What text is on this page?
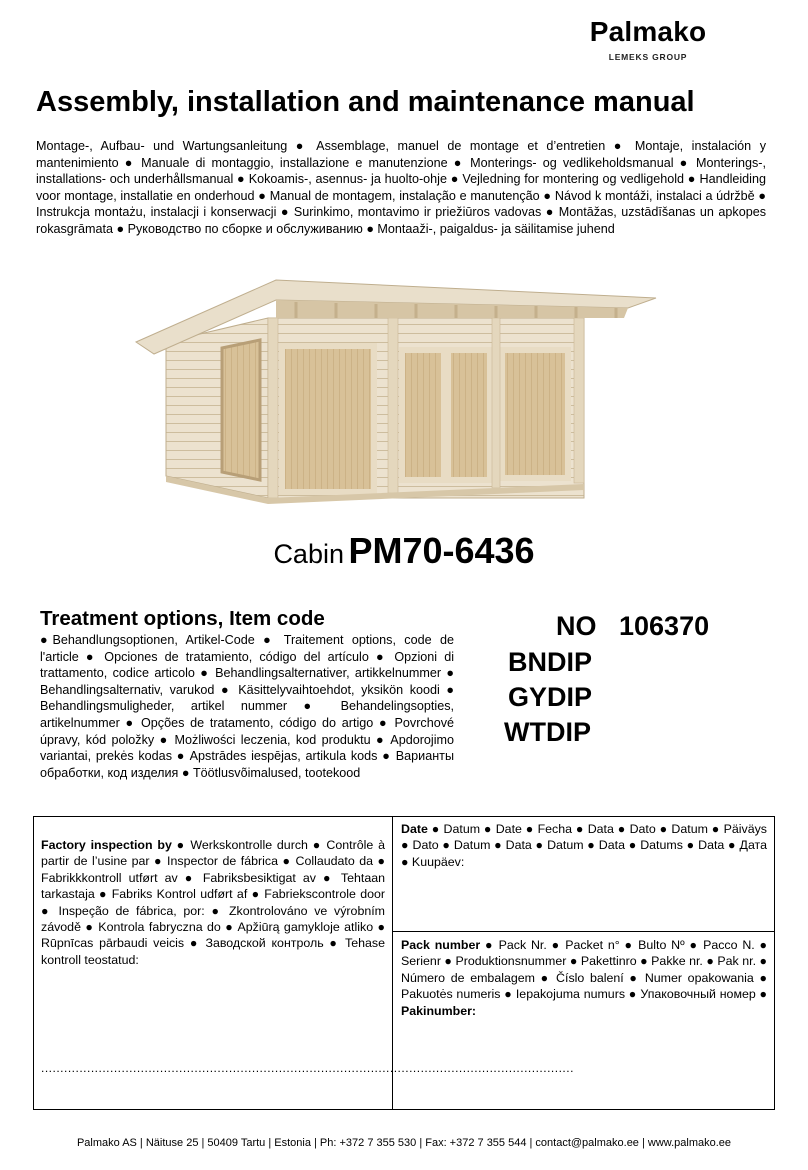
Palmako
LEMEKS GROUP
Assembly, installation and maintenance manual
Montage-, Aufbau- und Wartungsanleitung ● Assemblage, manuel de montage et d’entretien ● Montaje, instalación y mantenimiento ● Manuale di montaggio, installazione e manutenzione ● Monterings- og vedlikeholdsmanual ● Monterings-, installations- och underhållsmanual ● Kokoamis-, asennus- ja huolto-ohje ● Vejledning for montering og vedligehold ● Handleiding voor montage, installatie en onderhoud ● Manual de montagem, instalação e manutenção ● Návod k montáži, instalaci a údržbě ● Instrukcja montażu, instalacji i konserwacji ● Surinkimo, montavimo ir priežiūros vadovas ● Montāžas, uzstādīšanas un apkopes rokasgrāmata ● Руководство по сборке и обслуживанию ● Montaaži-, paigaldus- ja säilitamise juhend
Cabin PM70-6436
Treatment options, Item code
●Behandlungsoptionen, Artikel-Code ● Traitement options, code de l'article ● Opciones de tratamiento, código del artículo ● Opzioni di trattamento, codice articolo ● Behandlingsalternativer, artikkelnummer ● Behandlingsalternativ, varukod ● Käsittelyvaihtoehdot, yksikön koodi ● Behandlingsmuligheder, artikel nummer ● Behandelingsopties, artikelnummer ● Opções de tratamento, código do artigo ● Povrchové úpravy, kód položky ● Możliwości leczenia, kod produktu ● Apdorojimo variantai, prekės kodas ● Apstrādes iespējas, artikula kods ● Варианты обработки, код изделия ● Töötlusvõimalused, tootekood
NO 106370
BNDIP
GYDIP
WTDIP
Factory inspection by ● Werkskontrolle durch ● Contrôle à partir de l’usine par ● Inspector de fábrica ● Collaudato da ● Fabrikkkontroll utført av ● Fabriksbesiktigat av ● Tehtaan tarkastaja ● Fabriks Kontrol udført af ● Fabriekscontrole door ● Inspeção de fábrica, por: ● Zkontrolováno ve výrobním závodě ● Kontrola fabryczna do ● Apžiūrą gamykloje atliko ● Rūpnīcas pārbaudi veicis ● Заводской контроль ● Tehase kontroll teostatud:
...........................................................................................................................................
Date ● Datum ● Date ● Fecha ● Data ● Dato ● Datum ● Päiväys ● Dato ● Datum ● Data ● Datum ● Data ● Datums ● Data ● Дата ● Kuupäev:
Pack number ● Pack Nr. ● Packet n° ● Bulto Nº ● Pacco N. ● Serienr ● Produktionsnummer ● Pakettinro ● Pakke nr. ● Pak nr. ● Número de embalagem ● Číslo balení ● Numer opakowania ● Pakuotės numeris ● Iepakojuma numurs ● Упаковочный номер ● Pakinumber:
Palmako AS | Näituse 25 | 50409 Tartu | Estonia | Ph: +372 7 355 530 | Fax: +372 7 355 544 | contact@palmako.ee | www.palmako.ee
